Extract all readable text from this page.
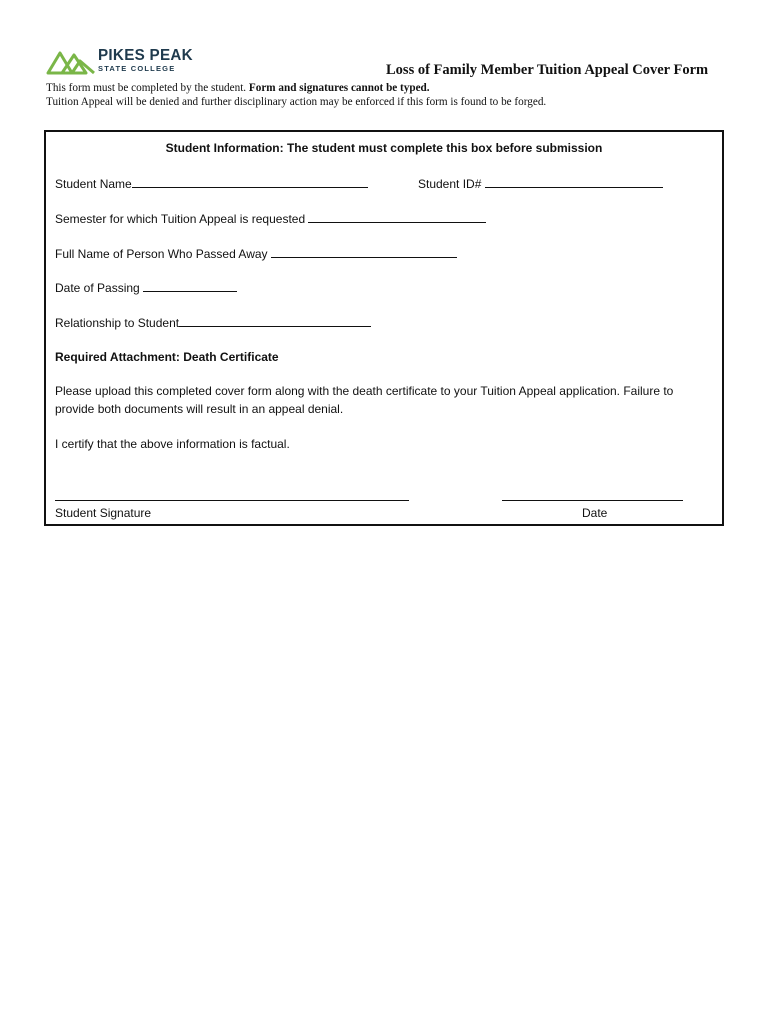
PIKES PEAK
STATE COLLEGE	Loss of Family Member Tuition Appeal Cover Form
This form must be completed by the student. Form and signatures cannot be typed.
Tuition Appeal will be denied and further disciplinary action may be enforced if this form is found to be forged.
Student Information: The student must complete this box before submission
Student Name	Student ID#
Semester for which Tuition Appeal is requested
Full Name of Person Who Passed Away
Date of Passing
Relationship to Student
Required Attachment: Death Certificate
Please upload this completed cover form along with the death certificate to your Tuition Appeal application. Failure to provide both documents will result in an appeal denial.
I certify that the above information is factual.
Student Signature	Date
